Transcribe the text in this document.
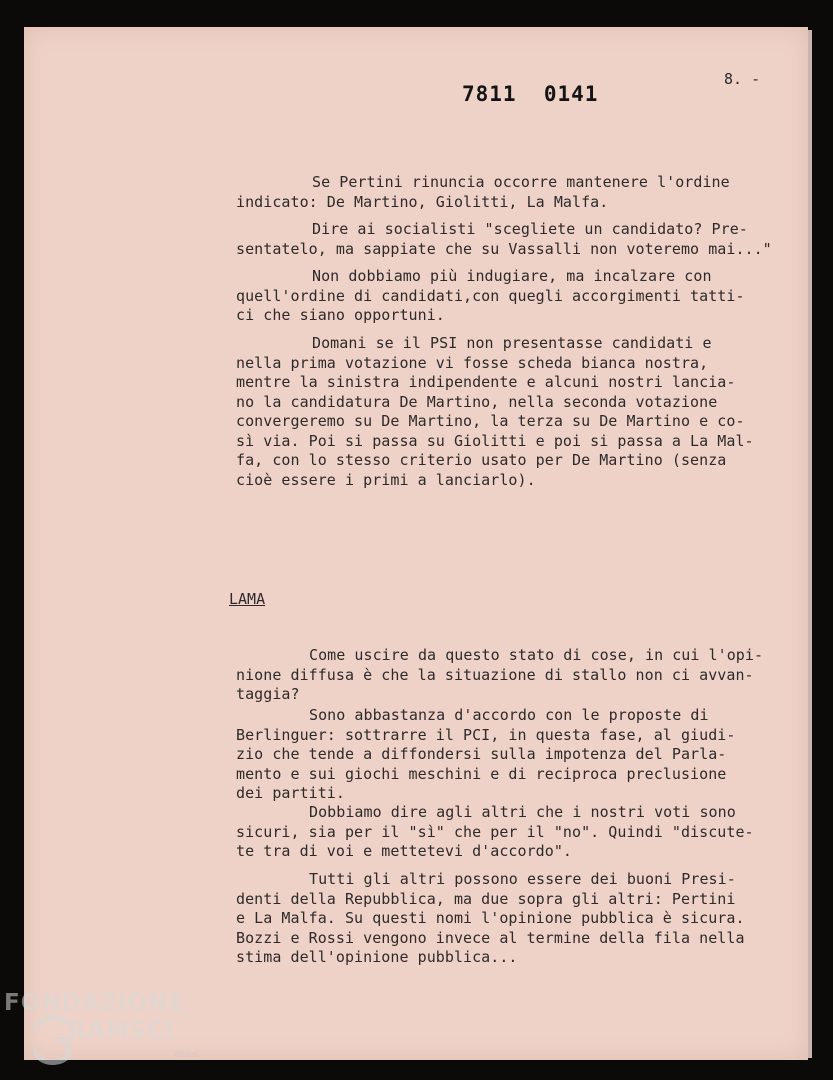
7811  0141
8. -

Se Pertini rinuncia occorre mantenere l'ordine
indicato: De Martino, Giolitti, La Malfa.

Dire ai socialisti "scegliete un candidato? Pre-
sentatelo, ma sappiate che su Vassalli non voteremo mai..."

Non dobbiamo più indugiare, ma incalzare con
quell'ordine di candidati,con quegli accorgimenti tatti-
ci che siano opportuni.

Domani se il PSI non presentasse candidati e
nella prima votazione vi fosse scheda bianca nostra,
mentre la sinistra indipendente e alcuni nostri lancia-
no la candidatura De Martino, nella seconda votazione
convergeremo su De Martino, la terza su De Martino e co-
sì via. Poi si passa su Giolitti e poi si passa a La Mal-
fa, con lo stesso criterio usato per De Martino (senza
cioè essere i primi a lanciarlo).

LAMA

Come uscire da questo stato di cose, in cui l'opi-
nione diffusa è che la situazione di stallo non ci avvan-
taggia?

Sono abbastanza d'accordo con le proposte di
Berlinguer: sottrarre il PCI, in questa fase, al giudi-
zio che tende a diffondersi sulla impotenza del Parla-
mento e sui giochi meschini e di reciproca preclusione
dei partiti.

Dobbiamo dire agli altri che i nostri voti sono
sicuri, sia per il "sì" che per il "no". Quindi "discute-
te tra di voi e mettetevi d'accordo".

Tutti gli altri possono essere dei buoni Presi-
denti della Repubblica, ma due sopra gli altri: Pertini
e La Malfa. Su questi nomi l'opinione pubblica è sicura.
Bozzi e Rossi vengono invece al termine della fila nella
stima dell'opinione pubblica...

FONDAZIONE
RAMSCI
onlus
